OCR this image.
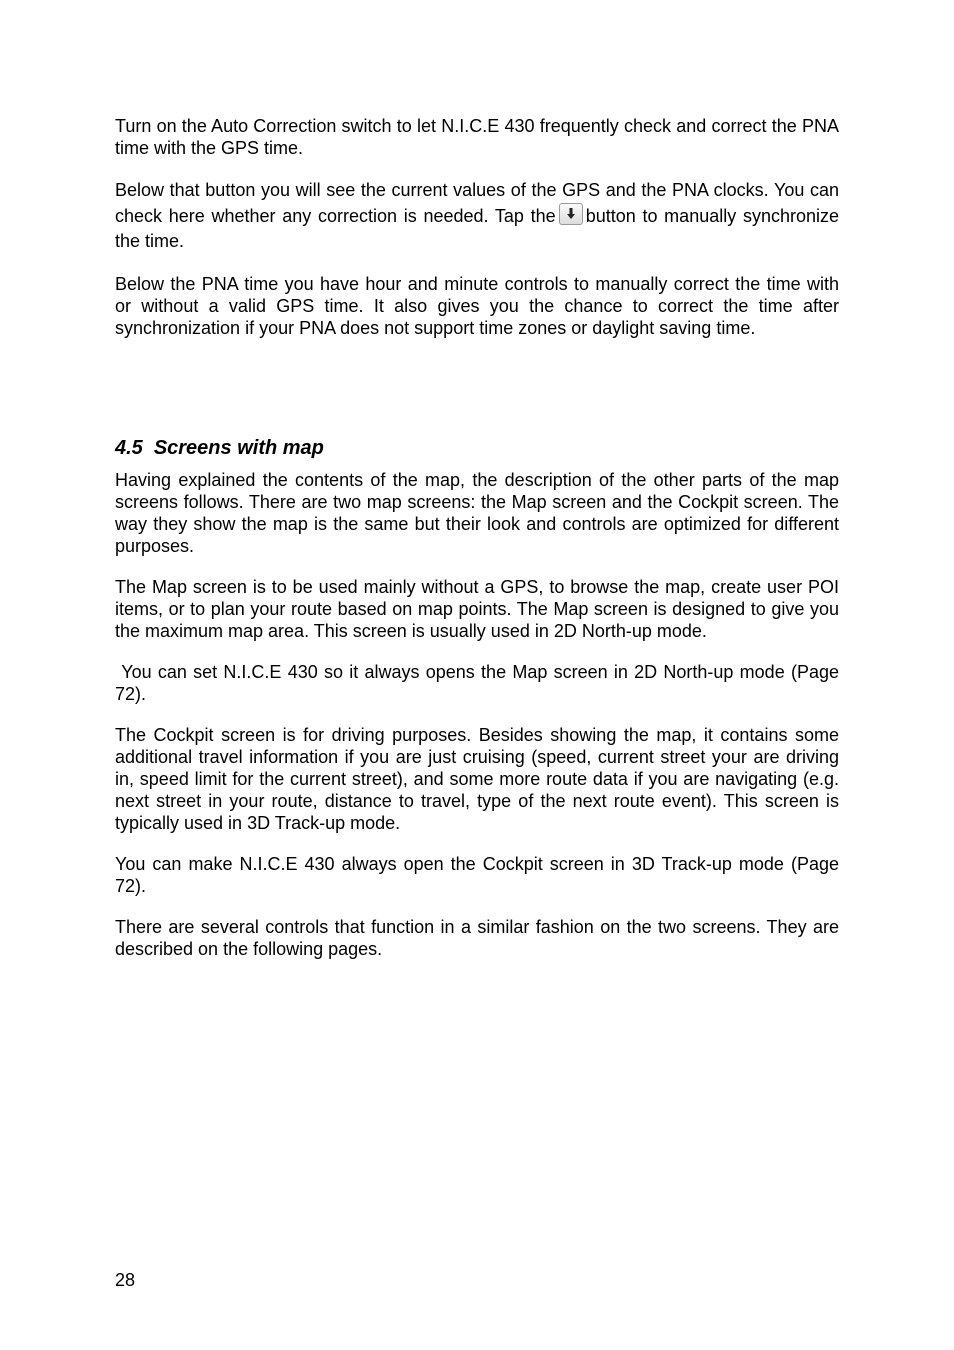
Turn on the Auto Correction switch to let N.I.C.E 430 frequently check and correct the PNA time with the GPS time.

Below that button you will see the current values of the GPS and the PNA clocks. You can check here whether any correction is needed. Tap the button to manually synchronize the time.

Below the PNA time you have hour and minute controls to manually correct the time with or without a valid GPS time. It also gives you the chance to correct the time after synchronization if your PNA does not support time zones or daylight saving time.

4.5 Screens with map

Having explained the contents of the map, the description of the other parts of the map screens follows. There are two map screens: the Map screen and the Cockpit screen. The way they show the map is the same but their look and controls are optimized for different purposes.

The Map screen is to be used mainly without a GPS, to browse the map, create user POI items, or to plan your route based on map points. The Map screen is designed to give you the maximum map area. This screen is usually used in 2D North-up mode.

You can set N.I.C.E 430 so it always opens the Map screen in 2D North-up mode (Page 72).

The Cockpit screen is for driving purposes. Besides showing the map, it contains some additional travel information if you are just cruising (speed, current street your are driving in, speed limit for the current street), and some more route data if you are navigating (e.g. next street in your route, distance to travel, type of the next route event). This screen is typically used in 3D Track-up mode.

You can make N.I.C.E 430 always open the Cockpit screen in 3D Track-up mode (Page 72).

There are several controls that function in a similar fashion on the two screens. They are described on the following pages.

28
